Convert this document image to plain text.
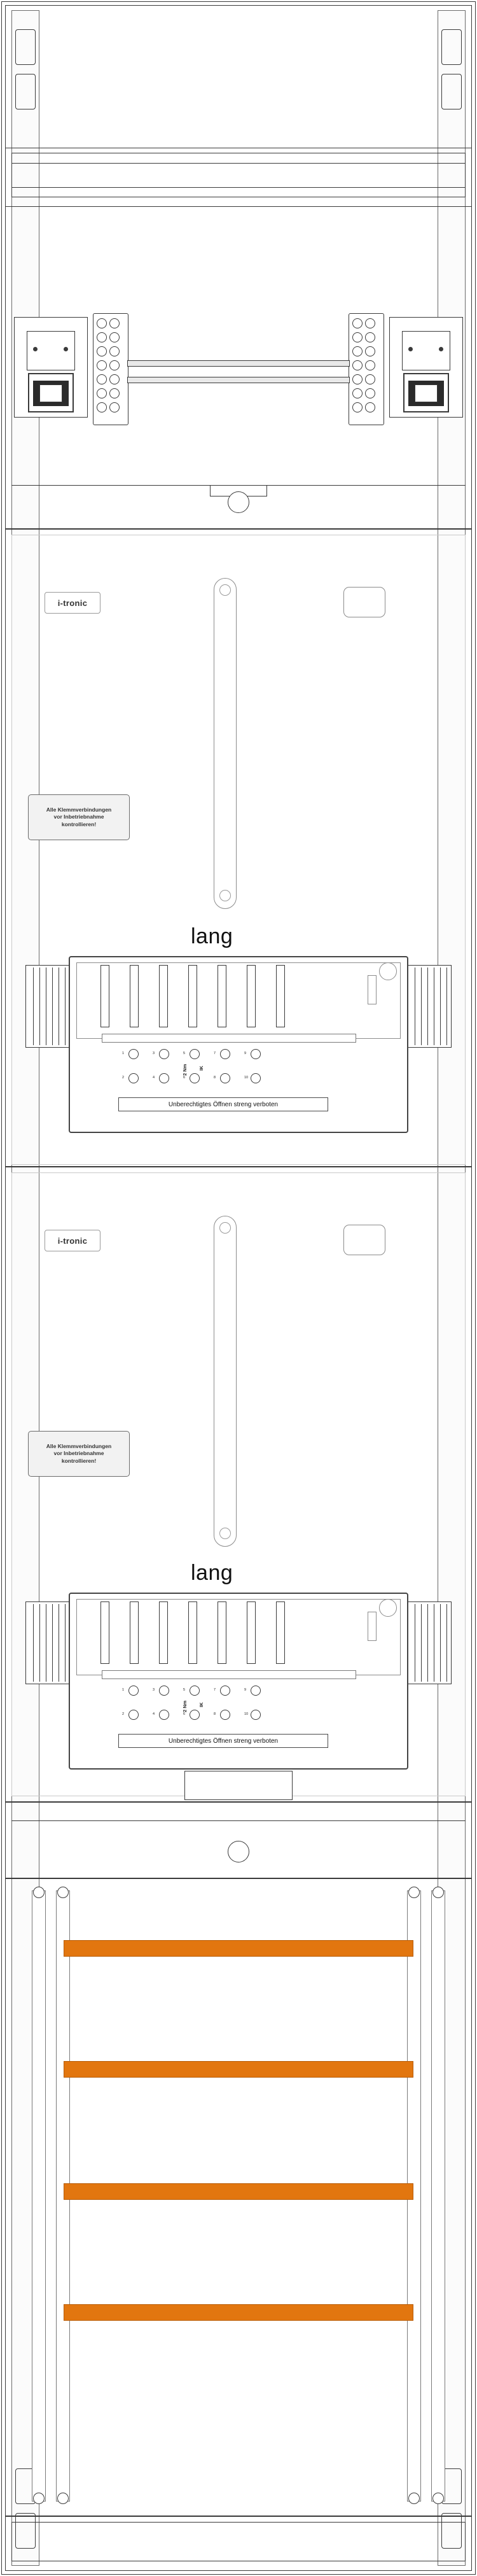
i-tronic
lang
Alle Klemmverbindungen
vor Inbetriebnahme
kontrollieren!
2 Nm IK
1	3	5	7	9
2	4	6	8	10
Unberechtigtes Öffnen streng verboten
i-tronic
lang
Alle Klemmverbindungen
vor Inbetriebnahme
kontrollieren!
2 Nm IK
1	3	5	7	9
2	4	6	8	10
Unberechtigtes Öffnen streng verboten
